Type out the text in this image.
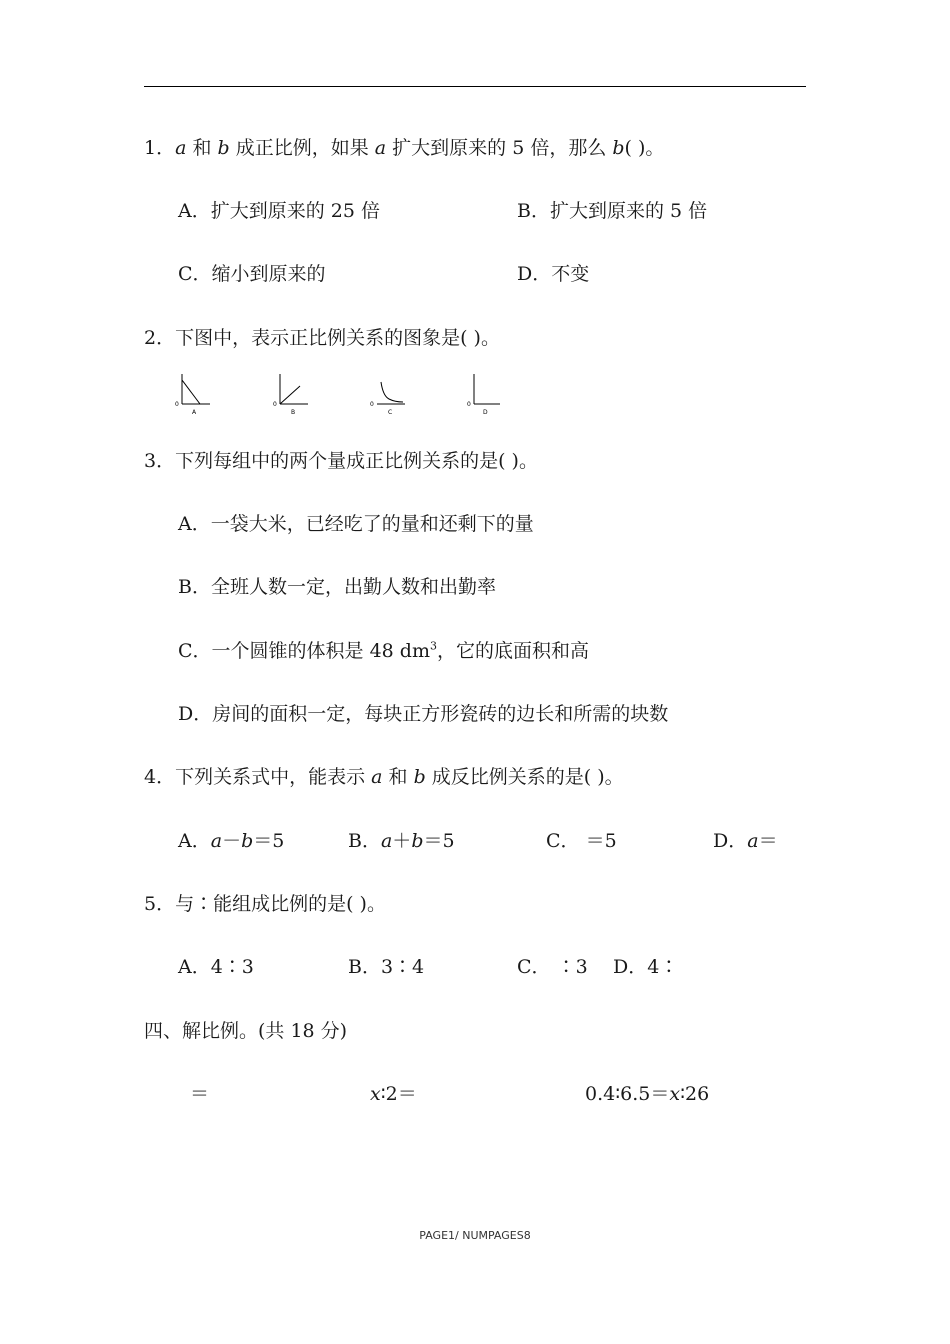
1．a 和 b 成正比例，如果 a 扩大到原来的 5 倍，那么 b( )。
A．扩大到原来的 25 倍	B．扩大到原来的 5 倍
C．缩小到原来的	D．不变
2．下图中，表示正比例关系的图象是( )。
0
A
0
B
0
C
0
D
3．下列每组中的两个量成正比例关系的是( )。
A．一袋大米，已经吃了的量和还剩下的量
B．全班人数一定，出勤人数和出勤率
C．一个圆锥的体积是 48 $dm^3$，它的底面积和高
D．房间的面积一定，每块正方形瓷砖的边长和所需的块数
4．下列关系式中，能表示 a 和 b 成反比例关系的是( )。
A．a－b＝5	B．a＋b＝5	C． ＝5	D．a＝
5．与∶能组成比例的是( )。
A．4∶3	B．3∶4	C． ∶3 D．4∶
四、解比例。(共 18 分)
＝	x∶2＝	0.4∶6.5＝x∶26
PAGE1/ NUMPAGES8
